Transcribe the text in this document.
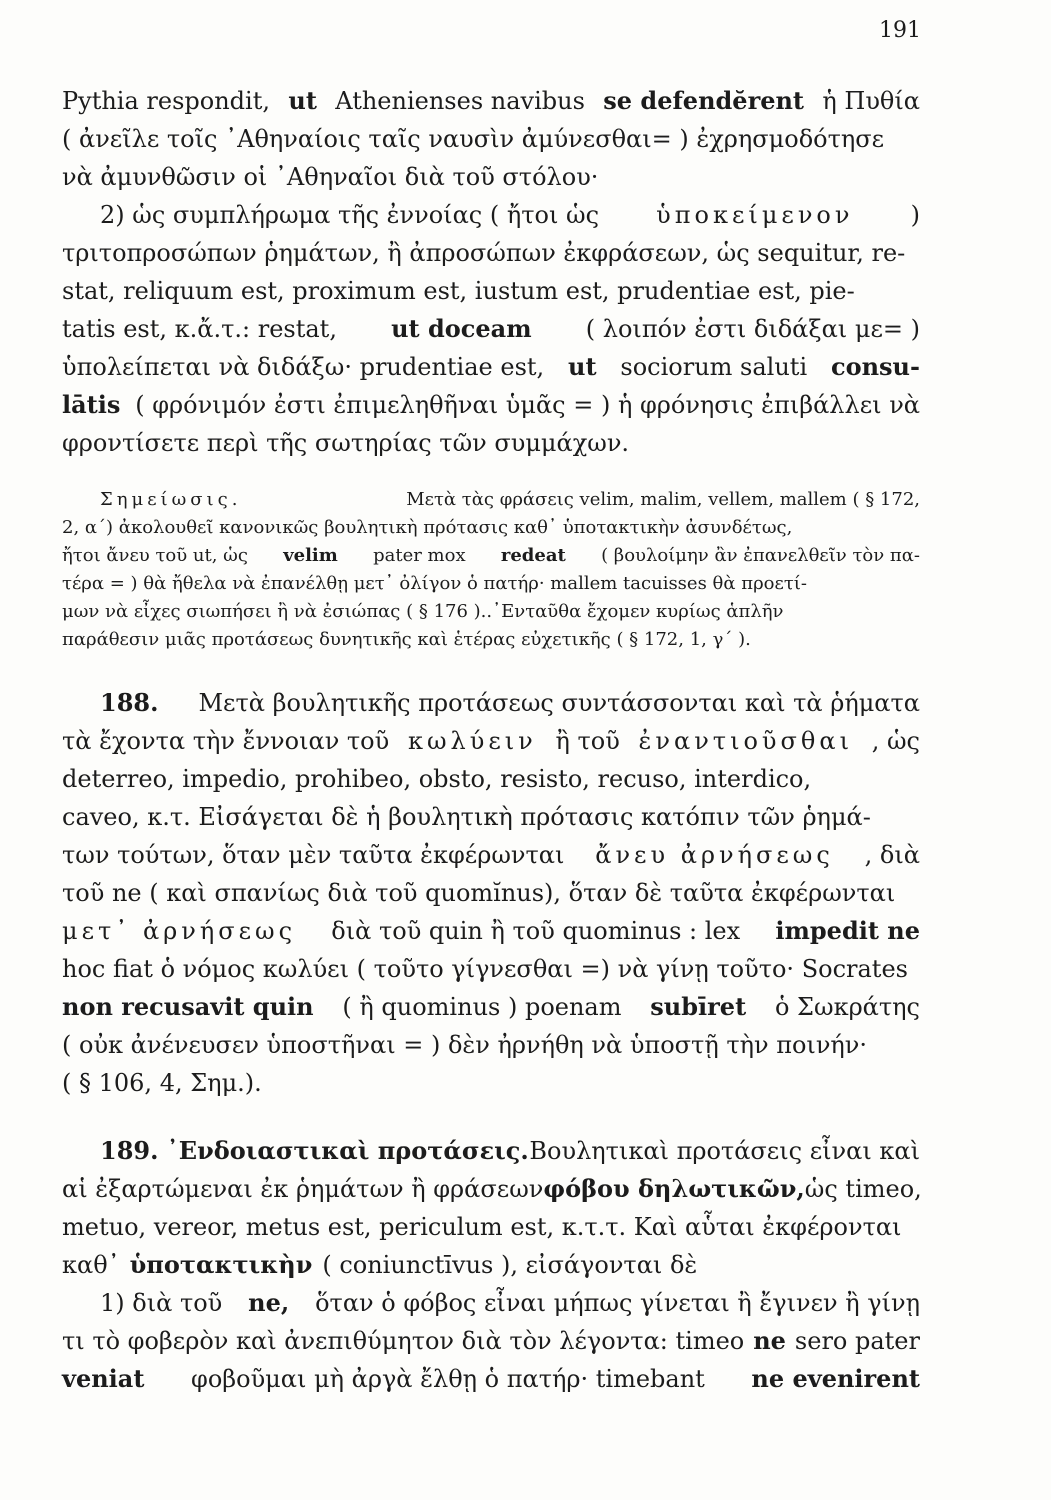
191
Pythia respondit, ut Athenienses navibus se defendĕrent ἡ Πυθία
( ἀνεῖλε τοῖς ᾿Αθηναίοις ταῖς ναυσὶν ἀμύνεσθαι= ) ἐχρησμοδότησε
νὰ ἀμυνθῶσιν οἱ ᾿Αθηναῖοι διὰ τοῦ στόλου·
2) ὡς συμπλήρωμα τῆς ἐννοίας ( ἤτοι ὡς ὑποκείμενον )
τριτοπροσώπων ῥημάτων, ἢ ἀπροσώπων ἐκφράσεων, ὡς sequitur, re-
stat, reliquum est, proximum est, iustum est, prudentiae est, pie-
tatis est, κ.ἄ.τ.: restat, ut doceam ( λοιπόν ἐστι διδάξαι με= )
ὑπολείπεται νὰ διδάξω· prudentiae est, ut sociorum saluti consu-
lātis ( φρόνιμόν ἐστι ἐπιμεληθῆναι ὑμᾶς = ) ἡ φρόνησις ἐπιβάλλει νὰ
φροντίσετε περὶ τῆς σωτηρίας τῶν συμμάχων.
Σημείωσις.	Μετὰ τὰς φράσεις velim, malim, vellem, mallem ( § 172,
2, α΄) ἀκολουθεῖ κανονικῶς βουλητικὴ πρότασις καθ᾿ ὑποτακτικὴν ἀσυνδέτως,
ἤτοι ἄνευ τοῦ ut, ὡς velim pater mox redeat ( βουλοίμην ἂν ἐπανελθεῖν τὸν πα-
τέρα = ) θὰ ἤθελα νὰ ἐπανέλθῃ μετ᾿ ὀλίγον ὁ πατήρ· mallem tacuisses θὰ προετί-
μων νὰ εἶχες σιωπήσει ἢ νὰ ἐσιώπας ( § 176 )..᾿Ενταῦθα ἔχομεν κυρίως ἁπλῆν
παράθεσιν μιᾶς προτάσεως δυνητικῆς καὶ ἑτέρας εὐχετικῆς ( § 172, 1, γ΄ ).
188. Μετὰ βουλητικῆς προτάσεως συντάσσονται καὶ τὰ ῥήματα
τὰ ἔχοντα τὴν ἔννοιαν τοῦ κωλύειν ἢ τοῦ ἐναντιοῦσθαι , ὡς
deterreo, impedio, prohibeo, obsto, resisto, recuso, interdico,
caveo, κ.τ. Εἰσάγεται δὲ ἡ βουλητικὴ πρότασις κατόπιν τῶν ῥημά-
των τούτων, ὅταν μὲν ταῦτα ἐκφέρωνται ἄνευ ἀρνήσεως , διὰ
τοῦ ne ( καὶ σπανίως διὰ τοῦ quomĭnus), ὅταν δὲ ταῦτα ἐκφέρωνται
μετ᾿ ἀρνήσεως διὰ τοῦ quin ἢ τοῦ quominus : lex impedit ne
hoc fiat ὁ νόμος κωλύει ( τοῦτο γίγνεσθαι =) νὰ γίνῃ τοῦτο· Socrates
non recusavit quin ( ἢ quominus ) poenam subīret ὁ Σωκράτης
( οὐκ ἀνένευσεν ὑποστῆναι = ) δὲν ἠρνήθη νὰ ὑποστῇ τὴν ποινήν·
( § 106, 4, Σημ.).
189. ᾿Ενδοιαστικαὶ προτάσεις. Βουλητικαὶ προτάσεις εἶναι καὶ
αἱ ἐξαρτώμεναι ἐκ ῥημάτων ἢ φράσεων φόβου δηλωτικῶν, ὡς timeo,
metuo, vereor, metus est, periculum est, κ.τ.τ. Καὶ αὗται ἐκφέρονται
καθ᾿ ὑποτακτικὴν ( coniunctīvus ), εἰσάγονται δὲ
1) διὰ τοῦ ne, ὅταν ὁ φόβος εἶναι μήπως γίνεται ἢ ἔγινεν ἢ γίνῃ
τι τὸ φοβερὸν καὶ ἀνεπιθύμητον διὰ τὸν λέγοντα: timeo ne sero pater
veniat φοβοῦμαι μὴ ἀργὰ ἔλθῃ ὁ πατήρ· timebant ne evenirent
